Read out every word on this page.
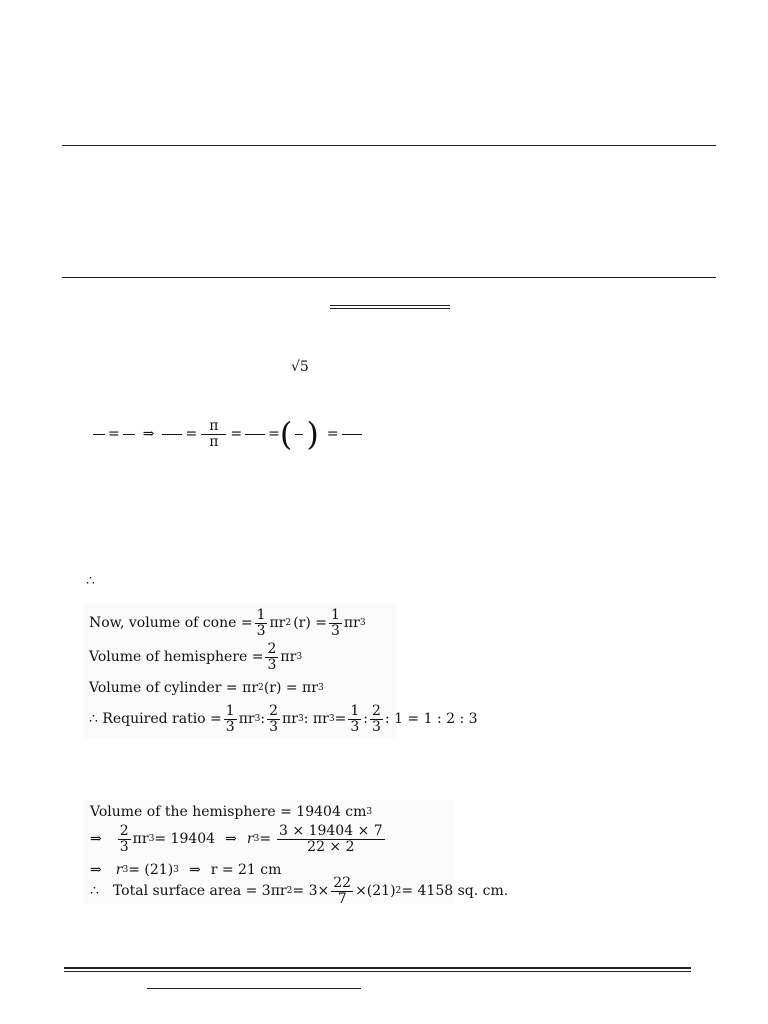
√5
= ⇒ = $\frac{\pi}{\pi}$ = = ( ) =
∴
Now, volume of cone = $\frac{1}{3}$ πr 2 $(r) = \frac{1}{3}$ πr 3
Volume of hemisphere = $\frac{2}{3}$ πr 3
Volume of cylinder = πr 2 (r) = πr 3
∴ Required ratio = $\frac{1}{3}$ πr 3 : $\frac{2}{3}$ πr 3 : πr $3 = \frac{1}{3}$ : $\frac{2}{3}$ : 1 = 1 : 2 : 3
Volume of the hemisphere = 19404 cm 3
⇒ $\frac{2}{3}$ πr 3 = 19404 ⇒ r $3 = \frac{3 \times 19404 \times 7}{22 \times 2}$
⇒ r 3 = (21) 3 ⇒ r = 21 cm
∴ Total surface area = 3πr $2 = 3\times \frac{22}{7} \times(21) 2 = 4158$ sq. cm.
